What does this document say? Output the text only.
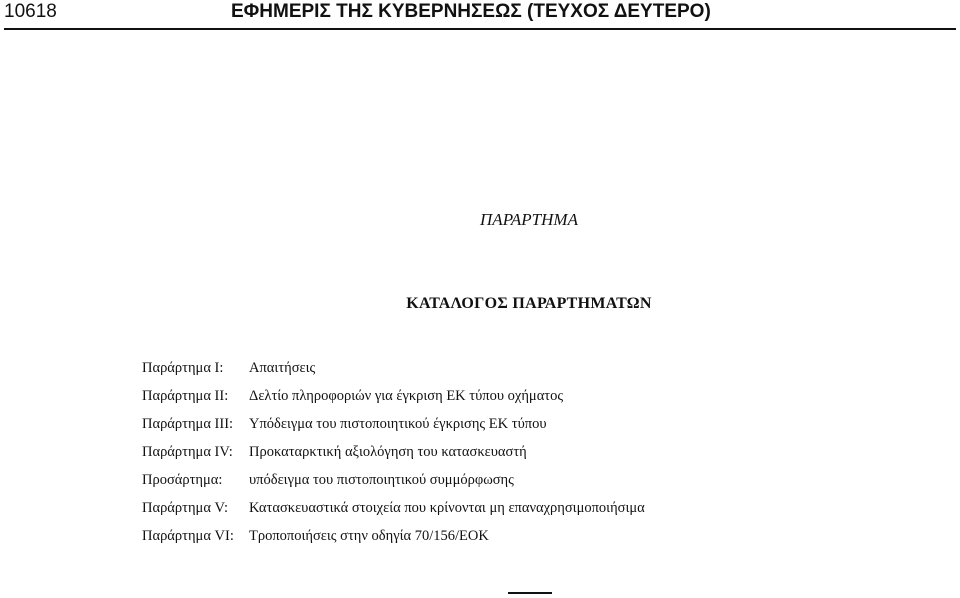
10618	ΕΦΗΜΕΡΙΣ ΤΗΣ ΚΥΒΕΡΝΗΣΕΩΣ (ΤΕΥΧΟΣ ΔΕΥΤΕΡΟ)
ΠΑΡΑΡΤΗΜΑ
ΚΑΤΑΛΟΓΟΣ ΠΑΡΑΡΤΗΜΑΤΩΝ
Παράρτημα I: Απαιτήσεις
Παράρτημα II: Δελτίο πληροφοριών για έγκριση ΕΚ τύπου οχήματος
Παράρτημα III: Υπόδειγμα του πιστοποιητικού έγκρισης ΕΚ τύπου
Παράρτημα IV: Προκαταρκτική αξιολόγηση του κατασκευαστή
Προσάρτημα: υπόδειγμα του πιστοποιητικού συμμόρφωσης
Παράρτημα V: Κατασκευαστικά στοιχεία που κρίνονται μη επαναχρησιμοποιήσιμα
Παράρτημα VI: Τροποποιήσεις στην οδηγία 70/156/ΕΟΚ
